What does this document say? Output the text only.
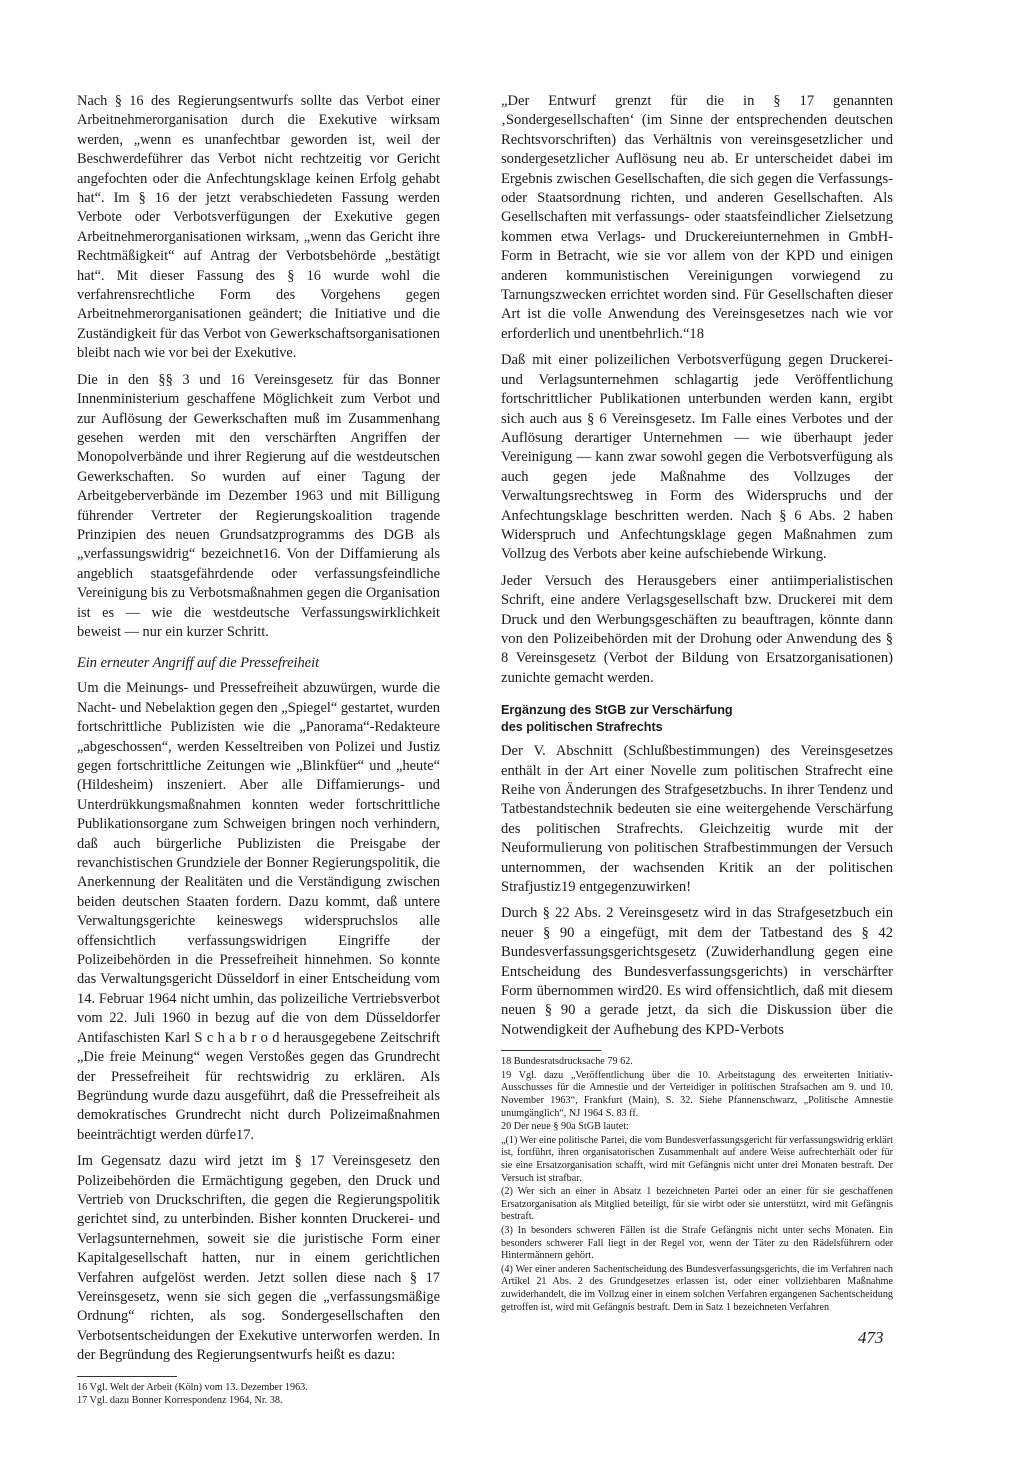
Nach § 16 des Regierungsentwurfs sollte das Verbot einer Arbeitnehmerorganisation durch die Exekutive wirksam werden, „wenn es unanfechtbar geworden ist, weil der Beschwerdeführer das Verbot nicht rechtzeitig vor Gericht angefochten oder die Anfechtungsklage keinen Erfolg gehabt hat“. Im § 16 der jetzt verabschiedeten Fassung werden Verbote oder Verbotsverfügungen der Exekutive gegen Arbeitnehmerorganisationen wirksam, „wenn das Gericht ihre Rechtmäßigkeit“ auf Antrag der Verbotsbehörde „bestätigt hat“. Mit dieser Fassung des § 16 wurde wohl die verfahrensrechtliche Form des Vorgehens gegen Arbeitnehmerorganisationen geändert; die Initiative und die Zuständigkeit für das Verbot von Gewerkschaftsorganisationen bleibt nach wie vor bei der Exekutive.

Die in den §§ 3 und 16 Vereinsgesetz für das Bonner Innenministerium geschaffene Möglichkeit zum Verbot und zur Auflösung der Gewerkschaften muß im Zusammenhang gesehen werden mit den verschärften Angriffen der Monopolverbände und ihrer Regierung auf die westdeutschen Gewerkschaften. So wurden auf einer Tagung der Arbeitgeberverbände im Dezember 1963 und mit Billigung führender Vertreter der Regierungskoalition tragende Prinzipien des neuen Grundsatzprogramms des DGB als „verfassungswidrig“ bezeichnet16. Von der Diffamierung als angeblich staatsgefährdende oder verfassungsfeindliche Vereinigung bis zu Verbotsmaßnahmen gegen die Organisation ist es — wie die westdeutsche Verfassungswirklichkeit beweist — nur ein kurzer Schritt.

Ein erneuter Angriff auf die Pressefreiheit

Um die Meinungs- und Pressefreiheit abzuwürgen, wurde die Nacht- und Nebelaktion gegen den „Spiegel“ gestartet, wurden fortschrittliche Publizisten wie die „Panorama“-Redakteure „abgeschossen“, werden Kesseltreiben von Polizei und Justiz gegen fortschrittliche Zeitungen wie „Blinkfüer“ und „heute“ (Hildesheim) inszeniert. Aber alle Diffamierungs- und Unterdrükkungsmaßnahmen konnten weder fortschrittliche Publikationsorgane zum Schweigen bringen noch verhindern, daß auch bürgerliche Publizisten die Preisgabe der revanchistischen Grundziele der Bonner Regierungspolitik, die Anerkennung der Realitäten und die Verständigung zwischen beiden deutschen Staaten fordern. Dazu kommt, daß untere Verwaltungsgerichte keineswegs widerspruchslos alle offensichtlich verfassungswidrigen Eingriffe der Polizeibehörden in die Pressefreiheit hinnehmen. So konnte das Verwaltungsgericht Düsseldorf in einer Entscheidung vom 14. Februar 1964 nicht umhin, das polizeiliche Vertriebsverbot vom 22. Juli 1960 in bezug auf die von dem Düsseldorfer Antifaschisten Karl S c h a b r o d herausgegebene Zeitschrift „Die freie Meinung“ wegen Verstoßes gegen das Grundrecht der Pressefreiheit für rechtswidrig zu erklären. Als Begründung wurde dazu ausgeführt, daß die Pressefreiheit als demokratisches Grundrecht nicht durch Polizeimaßnahmen beeinträchtigt werden dürfe17.

Im Gegensatz dazu wird jetzt im § 17 Vereinsgesetz den Polizeibehörden die Ermächtigung gegeben, den Druck und Vertrieb von Druckschriften, die gegen die Regierungspolitik gerichtet sind, zu unterbinden. Bisher konnten Druckerei- und Verlagsunternehmen, soweit sie die juristische Form einer Kapitalgesellschaft hatten, nur in einem gerichtlichen Verfahren aufgelöst werden. Jetzt sollen diese nach § 17 Vereinsgesetz, wenn sie sich gegen die „verfassungsmäßige Ordnung“ richten, als sog. Sondergesellschaften den Verbotsentscheidungen der Exekutive unterworfen werden. In der Begründung des Regierungsentwurfs heißt es dazu:

16 Vgl. Welt der Arbeit (Köln) vom 13. Dezember 1963.

17 Vgl. dazu Bonner Korrespondenz 1964, Nr. 38.

„Der Entwurf grenzt für die in § 17 genannten ‚Sondergesellschaften‘ (im Sinne der entsprechenden deutschen Rechtsvorschriften) das Verhältnis von vereinsgesetzlicher und sondergesetzlicher Auflösung neu ab. Er unterscheidet dabei im Ergebnis zwischen Gesellschaften, die sich gegen die Verfassungs- oder Staatsordnung richten, und anderen Gesellschaften. Als Gesellschaften mit verfassungs- oder staatsfeindlicher Zielsetzung kommen etwa Verlags- und Druckereiunternehmen in GmbH-Form in Betracht, wie sie vor allem von der KPD und einigen anderen kommunistischen Vereinigungen vorwiegend zu Tarnungszwecken errichtet worden sind. Für Gesellschaften dieser Art ist die volle Anwendung des Vereinsgesetzes nach wie vor erforderlich und unentbehrlich.“18

Daß mit einer polizeilichen Verbotsverfügung gegen Druckerei- und Verlagsunternehmen schlagartig jede Veröffentlichung fortschrittlicher Publikationen unterbunden werden kann, ergibt sich auch aus § 6 Vereinsgesetz. Im Falle eines Verbotes und der Auflösung derartiger Unternehmen — wie überhaupt jeder Vereinigung — kann zwar sowohl gegen die Verbotsverfügung als auch gegen jede Maßnahme des Vollzuges der Verwaltungsrechtsweg in Form des Widerspruchs und der Anfechtungsklage beschritten werden. Nach § 6 Abs. 2 haben Widerspruch und Anfechtungsklage gegen Maßnahmen zum Vollzug des Verbots aber keine aufschiebende Wirkung.

Jeder Versuch des Herausgebers einer antiimperialistischen Schrift, eine andere Verlagsgesellschaft bzw. Druckerei mit dem Druck und den Werbungsgeschäften zu beauftragen, könnte dann von den Polizeibehörden mit der Drohung oder Anwendung des § 8 Vereinsgesetz (Verbot der Bildung von Ersatzorganisationen) zunichte gemacht werden.

Ergänzung des StGB zur Verschärfung
des politischen Strafrechts

Der V. Abschnitt (Schlußbestimmungen) des Vereinsgesetzes enthält in der Art einer Novelle zum politischen Strafrecht eine Reihe von Änderungen des Strafgesetzbuchs. In ihrer Tendenz und Tatbestandstechnik bedeuten sie eine weitergehende Verschärfung des politischen Strafrechts. Gleichzeitig wurde mit der Neuformulierung von politischen Strafbestimmungen der Versuch unternommen, der wachsenden Kritik an der politischen Strafjustiz19 entgegenzuwirken!

Durch § 22 Abs. 2 Vereinsgesetz wird in das Strafgesetzbuch ein neuer § 90 a eingefügt, mit dem der Tatbestand des § 42 Bundesverfassungsgerichtsgesetz (Zuwiderhandlung gegen eine Entscheidung des Bundesverfassungsgerichts) in verschärfter Form übernommen wird20. Es wird offensichtlich, daß mit diesem neuen § 90 a gerade jetzt, da sich die Diskussion über die Notwendigkeit der Aufhebung des KPD-Verbots

18 Bundesratsdrucksache 79 62.

19 Vgl. dazu „Veröffentlichung über die 10. Arbeitstagung des erweiterten Initiativ-Ausschusses für die Amnestie und der Verteidiger in politischen Strafsachen am 9. und 10. November 1963“, Frankfurt (Main), S. 32. Siehe Pfannenschwarz, „Politische Amnestie unumgänglich“, NJ 1964 S. 83 ff.

20 Der neue § 90a StGB lautet:

„(1) Wer eine politische Partei, die vom Bundesverfassungsgericht für verfassungswidrig erklärt ist, fortführt, ihren organisatorischen Zusammenhalt auf andere Weise aufrechterhält oder für sie eine Ersatzorganisation schafft, wird mit Gefängnis nicht unter drei Monaten bestraft. Der Versuch ist strafbar.

(2) Wer sich an einer in Absatz 1 bezeichneten Partei oder an einer für sie geschaffenen Ersatzorganisation als Mitglied beteiligt, für sie wirbt oder sie unterstützt, wird mit Gefängnis bestraft.

(3) In besonders schweren Fällen ist die Strafe Gefängnis nicht unter sechs Monaten. Ein besonders schwerer Fall liegt in der Regel vor, wenn der Täter zu den Rädelsführern oder Hintermännern gehört.

(4) Wer einer anderen Sachentscheidung des Bundesverfassungsgerichts, die im Verfahren nach Artikel 21 Abs. 2 des Grundgesetzes erlassen ist, oder einer vollziehbaren Maßnahme zuwiderhandelt, die im Vollzug einer in einem solchen Verfahren ergangenen Sachentscheidung getroffen ist, wird mit Gefängnis bestraft. Dem in Satz 1 bezeichneten Verfahren

473
